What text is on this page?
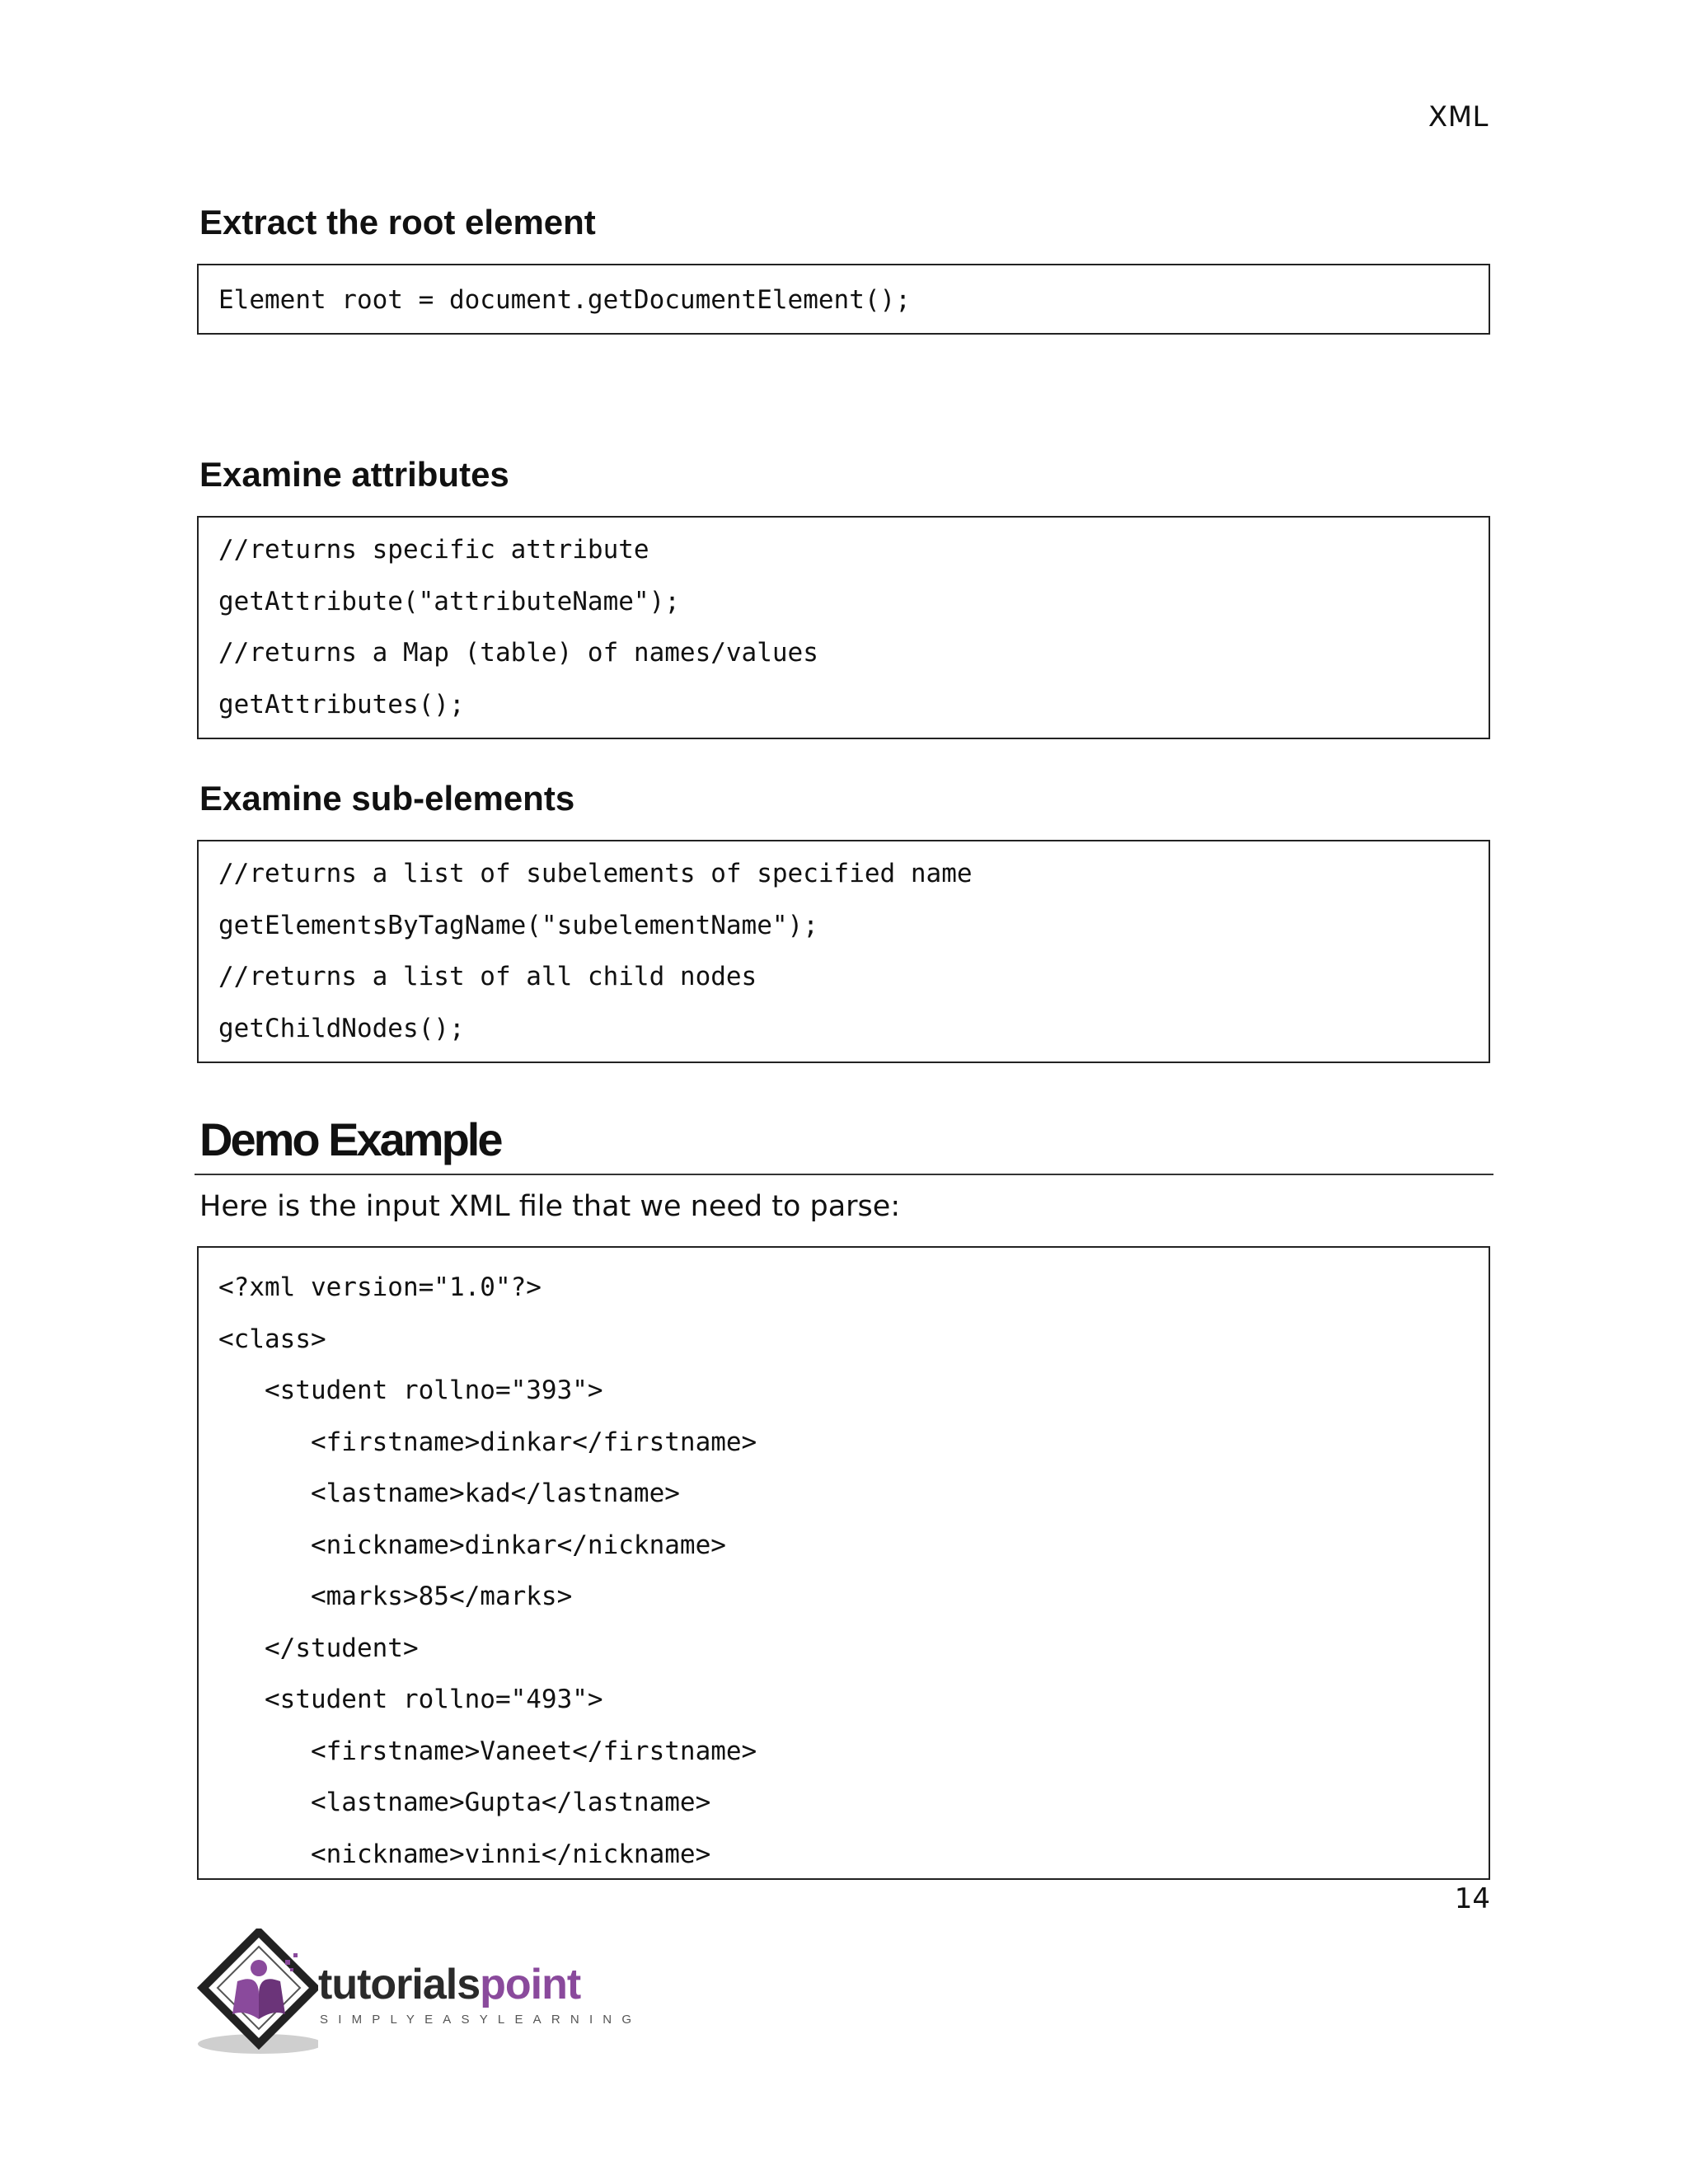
XML
Extract the root element
Element root = document.getDocumentElement();
Examine attributes
//returns specific attribute
getAttribute("attributeName");
//returns a Map (table) of names/values
getAttributes();
Examine sub-elements
//returns a list of subelements of specified name
getElementsByTagName("subelementName");
//returns a list of all child nodes
getChildNodes();
Demo Example
Here is the input XML file that we need to parse:
<?xml version="1.0"?>
<class>
<student rollno="393">
<firstname>dinkar</firstname>
<lastname>kad</lastname>
<nickname>dinkar</nickname>
<marks>85</marks>
</student>
<student rollno="493">
<firstname>Vaneet</firstname>
<lastname>Gupta</lastname>
<nickname>vinni</nickname>
14
tutorialspoint
SIMPLYEASYLEARNING
